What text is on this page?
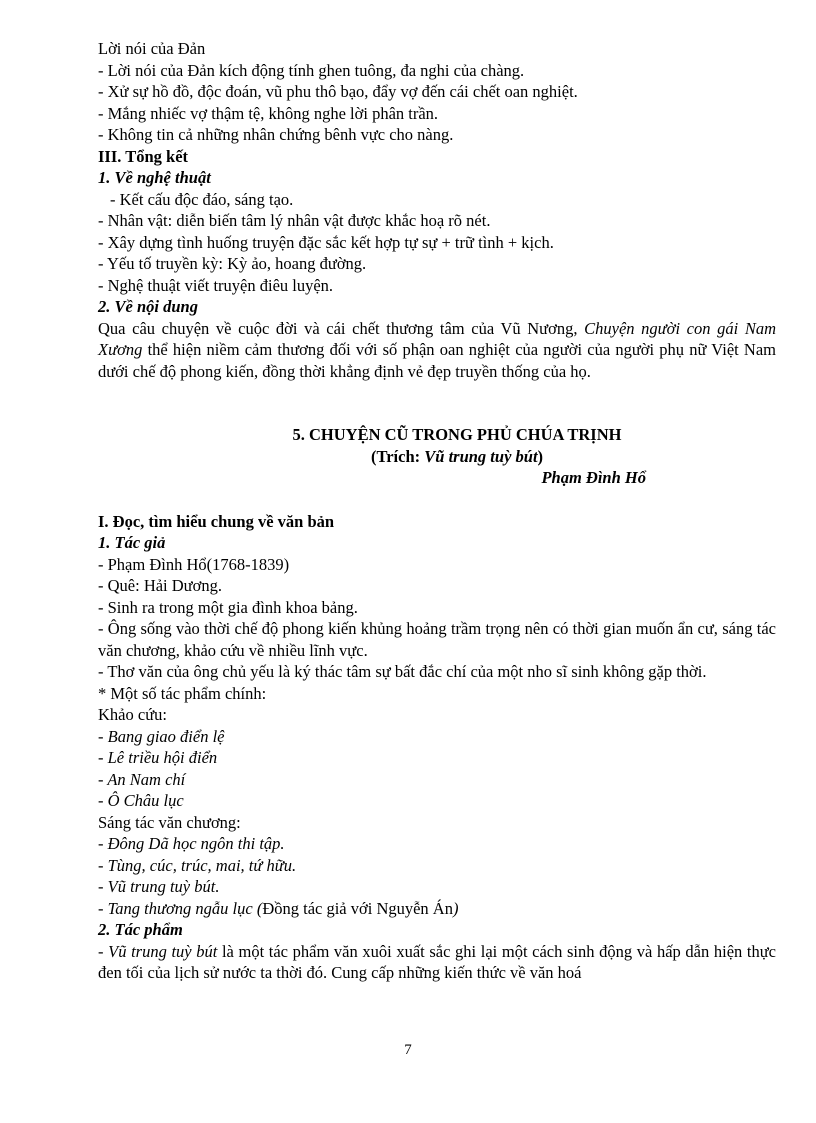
Lời nói của Đản
- Lời nói của Đản kích động tính ghen tuông, đa nghi của chàng.
- Xử sự hồ đồ, độc đoán, vũ phu thô bạo, đẩy vợ đến cái chết oan nghiệt.
- Mắng nhiếc vợ thậm tệ, không nghe lời phân trần.
- Không tin cả những nhân chứng bênh vực cho nàng.
III. Tổng kết
1. Về nghệ thuật
- Kết cấu độc đáo, sáng tạo.
- Nhân vật: diễn biến tâm lý nhân vật được khắc hoạ rõ nét.
- Xây dựng tình huống truyện đặc sắc kết hợp tự sự + trữ tình + kịch.
- Yếu tố truyền kỳ: Kỳ ảo, hoang đường.
- Nghệ thuật viết truyện điêu luyện.
2. Về nội dung
Qua câu chuyện về cuộc đời và cái chết thương tâm của Vũ Nương, Chuyện người con gái Nam Xương thể hiện niềm cảm thương đối với số phận oan nghiệt của người của người phụ nữ Việt Nam dưới chế độ phong kiến, đồng thời khẳng định vẻ đẹp truyền thống của họ.
5. CHUYỆN CŨ TRONG PHỦ CHÚA TRỊNH
(Trích: Vũ trung tuỳ bút)
Phạm Đình Hổ
I. Đọc, tìm hiểu chung về văn bản
1. Tác giả
- Phạm Đình Hổ(1768-1839)
- Quê: Hải Dương.
- Sinh ra trong một gia đình khoa bảng.
- Ông sống vào thời chế độ phong kiến khủng hoảng trầm trọng nên có thời gian muốn ẩn cư, sáng tác văn chương, khảo cứu về nhiều lĩnh vực.
- Thơ văn của ông chủ yếu là ký thác tâm sự bất đắc chí của một nho sĩ sinh không gặp thời.
* Một số tác phẩm chính:
Khảo cứu:
- Bang giao điển lệ
- Lê triều hội điển
- An Nam chí
- Ô Châu lục
Sáng tác văn chương:
- Đông Dã học ngôn thi tập.
- Tùng, cúc, trúc, mai, tứ hữu.
- Vũ trung tuỳ bút.
- Tang thương ngẫu lục (Đồng tác giả với Nguyễn Án)
2. Tác phẩm
- Vũ trung tuỳ bút là một tác phẩm văn xuôi xuất sắc ghi lại một cách sinh động và hấp dẫn hiện thực đen tối của lịch sử nước ta thời đó. Cung cấp những kiến thức về văn hoá
7
